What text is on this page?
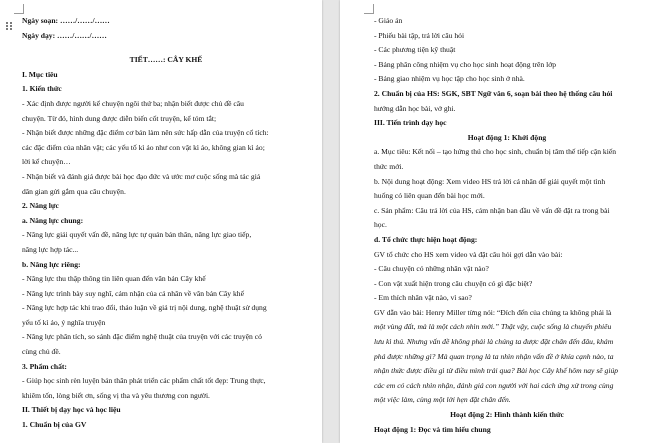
Ngày soạn: ……/……/……
Ngày dạy: ……/……/……
TIẾT……: CÂY KHẾ
I. Mục tiêu
1. Kiến thức
- Xác định được người kể chuyện ngôi thứ ba; nhận biết được chủ đề câu
chuyện. Từ đó, hình dung được diễn biến cốt truyện, kể tóm tắt;
- Nhận biết được những đặc điểm cơ bản làm nên sức hấp dẫn của truyện cổ tích:
các đặc điểm của nhân vật; các yếu tố kì ảo như con vật kì ảo, không gian kì ảo;
lời kể chuyện…
- Nhận biết và đánh giá được bài học đạo đức và ước mơ cuộc sống mà tác giả
dân gian gửi gắm qua câu chuyện.
2. Năng lực
a. Năng lực chung:
- Năng lực giải quyết vấn đề, năng lực tự quản bản thân, năng lực giao tiếp,
năng lực hợp tác...
b. Năng lực riêng:
- Năng lực thu thập thông tin liên quan đến văn bản Cây khế
- Năng lực trình bày suy nghĩ, cảm nhận của cá nhân về văn bản Cây khế
- Năng lực hợp tác khi trao đổi, thảo luận về giá trị nội dung, nghệ thuật sử dụng
yếu tố kì ảo, ý nghĩa truyện
- Năng lực phân tích, so sánh đặc điểm nghệ thuật của truyện với các truyện có
cùng chủ đề.
3. Phẩm chất:
- Giúp học sinh rèn luyện bản thân phát triển các phẩm chất tốt đẹp: Trung thực,
khiêm tốn, lòng biết ơn, sống vị tha và yêu thương con người.
II. Thiết bị dạy học và học liệu
1. Chuẩn bị của GV
- Giáo án
- Phiếu bài tập, trả lời câu hỏi
- Các phương tiện kỹ thuật
- Bảng phân công nhiệm vụ cho học sinh hoạt động trên lớp
- Bảng giao nhiệm vụ học tập cho học sinh ở nhà.
2. Chuẩn bị của HS: SGK, SBT Ngữ văn 6, soạn bài theo hệ thống câu hỏi
hướng dẫn học bài, vở ghi.
III. Tiến trình dạy học
Hoạt động 1: Khởi động
a. Mục tiêu: Kết nối – tạo hứng thú cho học sinh, chuẩn bị tâm thế tiếp cận kiến
thức mới.
b. Nội dung hoạt động: Xem video HS trả lời cá nhân để giải quyết một tình
huống có liên quan đến bài học mới.
c. Sản phẩm: Câu trả lời của HS, cảm nhận ban đầu về vấn đề đặt ra trong bài
học.
d. Tổ chức thực hiện hoạt động:
GV tổ chức cho HS xem video và đặt câu hỏi gợi dẫn vào bài:
- Câu chuyện có những nhân vật nào?
- Con vật xuất hiện trong câu chuyện có gì đặc biệt?
- Em thích nhân vật nào, vì sao?
GV dẫn vào bài: Henry Miller từng nói: “Đích đến của chúng ta không phải là
một vùng đất, mà là một cách nhìn mới.” Thật vậy, cuộc sống là chuyến phiêu
lưu kì thú. Nhưng vấn đề không phải là chúng ta được đặt chân đến đâu, khám
phá được những gì? Mà quan trọng là ta nhìn nhận vấn đề ở khía cạnh nào, ta
nhận thức được điều gì từ điều mình trải qua? Bài học Cây khế hôm nay sẽ giúp
các em có cách nhìn nhận, đánh giá con người với hai cách ứng xử trong cùng
một việc làm, cùng một lời hẹn đặt chân đến.
Hoạt động 2: Hình thành kiến thức
Hoạt động 1: Đọc và tìm hiểu chung
